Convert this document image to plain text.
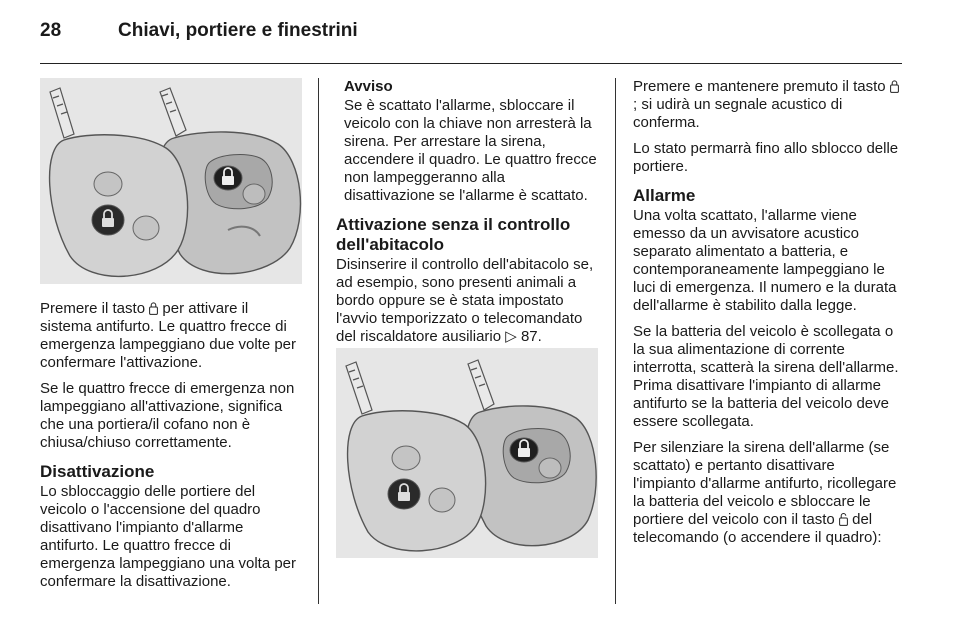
28	Chiavi, portiere e finestrini

Premere il tasto  per attivare il sistema antifurto. Le quattro frecce di emergenza lampeggiano due volte per confermare l'attivazione.

Se le quattro frecce di emergenza non lampeggiano all'attivazione, significa che una portiera/il cofano non è chiusa/chiuso correttamente.

Disattivazione

Lo sbloccaggio delle portiere del veicolo o l'accensione del quadro disattivano l'impianto d'allarme antifurto. Le quattro frecce di emergenza lampeggiano una volta per confermare la disattivazione.

Avviso

Se è scattato l'allarme, sbloccare il veicolo con la chiave non arresterà la sirena. Per arrestare la sirena, accendere il quadro. Le quattro frecce non lampeggeranno alla disattivazione se l'allarme è scattato.

Attivazione senza il controllo dell'abitacolo

Disinserire il controllo dell'abitacolo se, ad esempio, sono presenti animali a bordo oppure se è stata impostato l'avvio temporizzato o telecomandato del riscaldatore ausiliario ▷ 87.

Premere e mantenere premuto il tasto ; si udirà un segnale acustico di conferma.

Lo stato permarrà fino allo sblocco delle portiere.

Allarme

Una volta scattato, l'allarme viene emesso da un avvisatore acustico separato alimentato a batteria, e contemporaneamente lampeggiano le luci di emergenza. Il numero e la durata dell'allarme è stabilito dalla legge.

Se la batteria del veicolo è scollegata o la sua alimentazione di corrente interrotta, scatterà la sirena dell'allarme. Prima disattivare l'impianto di allarme antifurto se la batteria del veicolo deve essere scollegata.

Per silenziare la sirena dell'allarme (se scattato) e pertanto disattivare l'impianto d'allarme antifurto, ricollegare la batteria del veicolo e sbloccare le portiere del veicolo con il tasto  del telecomando (o accendere il quadro):
